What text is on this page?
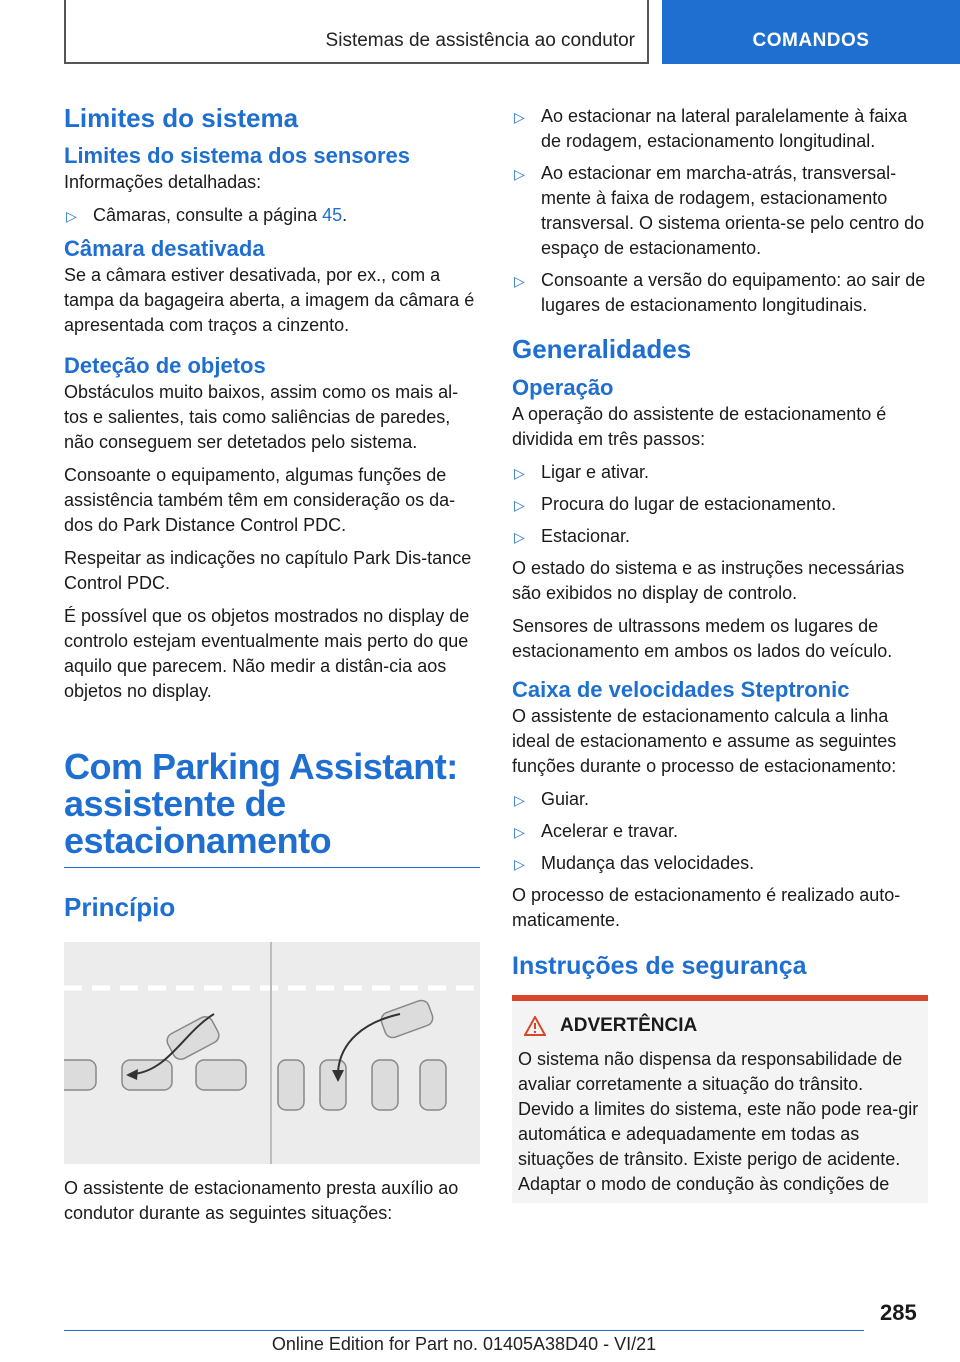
Sistemas de assistência ao condutor	COMANDOS
Limites do sistema
Limites do sistema dos sensores

Informações detalhadas:

▷ Câmaras, consulte a página 45.
Câmara desativada

Se a câmara estiver desativada, por ex., com a tampa da bagageira aberta, a imagem da câmara é apresentada com traços a cinzento.

Deteção de objetos

Obstáculos muito baixos, assim como os mais al-tos e salientes, tais como saliências de paredes, não conseguem ser detetados pelo sistema.

Consoante o equipamento, algumas funções de assistência também têm em consideração os da-dos do Park Distance Control PDC.

Respeitar as indicações no capítulo Park Dis-tance Control PDC.

É possível que os objetos mostrados no display de controlo estejam eventualmente mais perto do que aquilo que parecem. Não medir a distân-cia aos objetos no display.

Com Parking Assistant: assistente de estacionamento
Princípio

O assistente de estacionamento presta auxílio ao condutor durante as seguintes situações:

▷ Ao estacionar na lateral paralelamente à faixa de rodagem, estacionamento longitudinal.
▷ Ao estacionar em marcha-atrás, transversal-mente à faixa de rodagem, estacionamento transversal. O sistema orienta-se pelo centro do espaço de estacionamento.
▷ Consoante a versão do equipamento: ao sair de lugares de estacionamento longitudinais.
Generalidades
Operação

A operação do assistente de estacionamento é dividida em três passos:

▷ Ligar e ativar.
▷ Procura do lugar de estacionamento.
▷ Estacionar.

O estado do sistema e as instruções necessárias são exibidos no display de controlo.

Sensores de ultrassons medem os lugares de estacionamento em ambos os lados do veículo.

Caixa de velocidades Steptronic

O assistente de estacionamento calcula a linha ideal de estacionamento e assume as seguintes funções durante o processo de estacionamento:

▷ Guiar.
▷ Acelerar e travar.
▷ Mudança das velocidades.

O processo de estacionamento é realizado auto-maticamente.

Instruções de segurança
ADVERTÊNCIA

O sistema não dispensa da responsabilidade de avaliar corretamente a situação do trânsito. Devido a limites do sistema, este não pode rea-gir automática e adequadamente em todas as situações de trânsito. Existe perigo de acidente. Adaptar o modo de condução às condições de

285
Online Edition for Part no. 01405A38D40 - VI/21
